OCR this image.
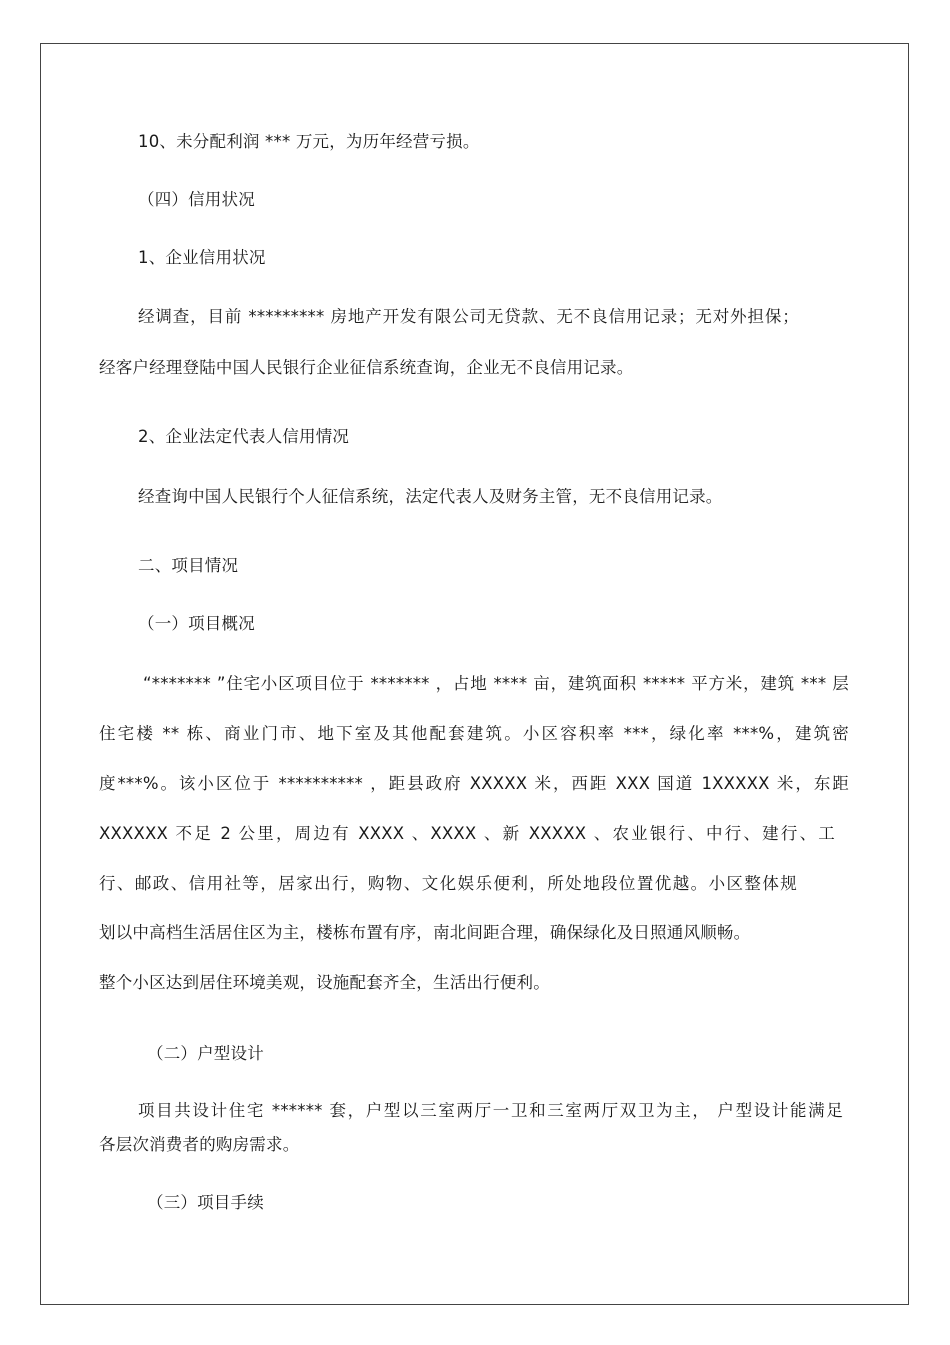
10、未分配利润 *** 万元，为历年经营亏损。
（四）信用状况
1、企业信用状况
经调查，目前 ********* 房地产开发有限公司无贷款、无不良信用记录；无对外担保；
经客户经理登陆中国人民银行企业征信系统查询，企业无不良信用记录。
2、企业法定代表人信用情况
经查询中国人民银行个人征信系统，法定代表人及财务主管，无不良信用记录。
二、项目情况
（一）项目概况
“******* ”住宅小区项目位于 ******* ，占地 **** 亩，建筑面积 ***** 平方米，建筑 *** 层
住宅楼 ** 栋、商业门市、地下室及其他配套建筑。小区容积率 ***，绿化率 ***%，建筑密
度***%。该小区位于 ********** ，距县政府 XXXXX 米，西距 XXX 国道 1XXXXX 米，东距
XXXXXX 不足 2 公里，周边有 XXXX 、XXXX 、新 XXXXX 、农业银行、中行、建行、工
行、邮政、信用社等，居家出行，购物、文化娱乐便利，所处地段位置优越。小区整体规
划以中高档生活居住区为主，楼栋布置有序，南北间距合理，确保绿化及日照通风顺畅。
整个小区达到居住环境美观，设施配套齐全，生活出行便利。
（二）户型设计
项目共设计住宅 ****** 套，户型以三室两厅一卫和三室两厅双卫为主， 户型设计能满足
各层次消费者的购房需求。
（三）项目手续
